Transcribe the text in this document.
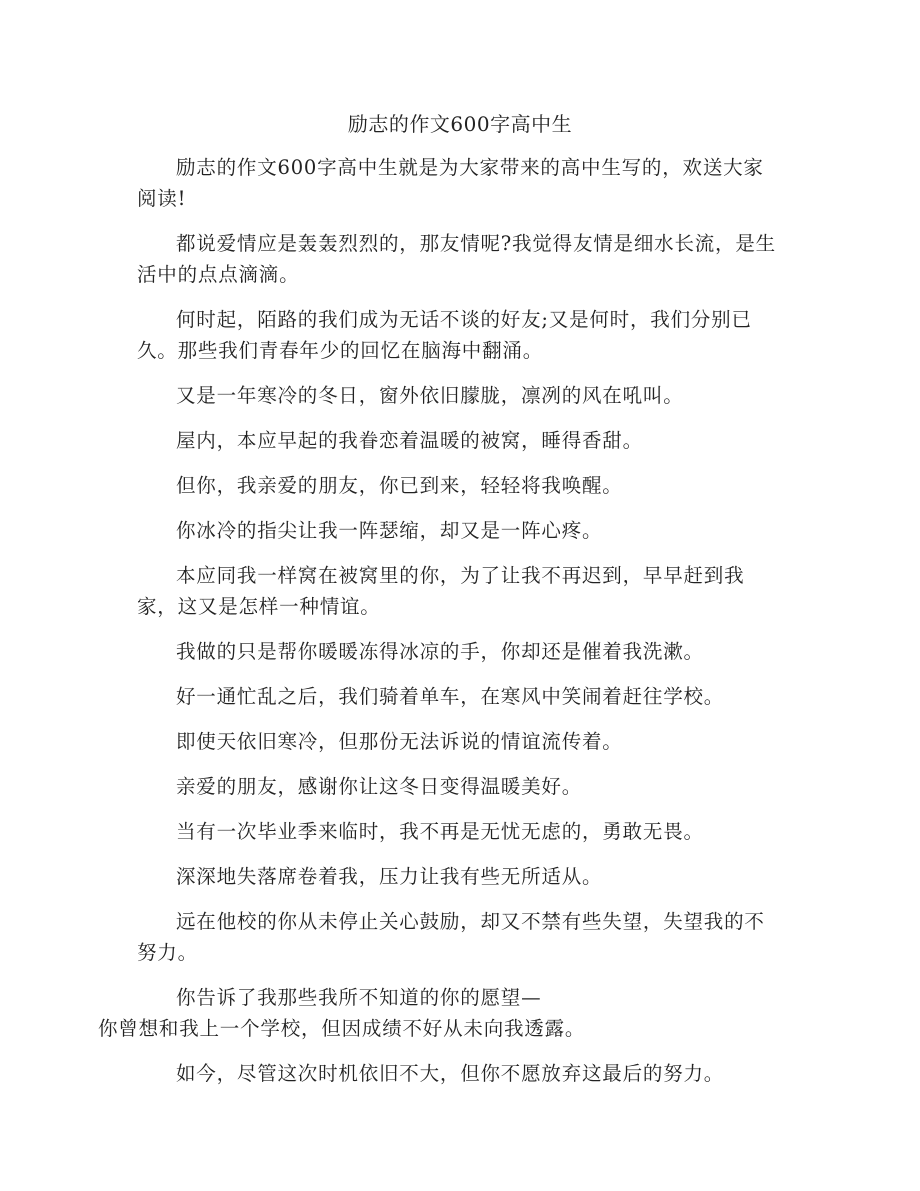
励志的作文600字高中生

励志的作文600字高中生就是为大家带来的高中生写的，欢送大家阅读!

都说爱情应是轰轰烈烈的，那友情呢?我觉得友情是细水长流，是生活中的点点滴滴。

何时起，陌路的我们成为无话不谈的好友;又是何时，我们分别已久。那些我们青春年少的回忆在脑海中翻涌。

又是一年寒冷的冬日，窗外依旧朦胧，凛冽的风在吼叫。

屋内，本应早起的我眷恋着温暖的被窝，睡得香甜。

但你，我亲爱的朋友，你已到来，轻轻将我唤醒。

你冰冷的指尖让我一阵瑟缩，却又是一阵心疼。

本应同我一样窝在被窝里的你，为了让我不再迟到，早早赶到我家，这又是怎样一种情谊。

我做的只是帮你暖暖冻得冰凉的手，你却还是催着我洗漱。

好一通忙乱之后，我们骑着单车，在寒风中笑闹着赶往学校。

即使天依旧寒冷，但那份无法诉说的情谊流传着。

亲爱的朋友，感谢你让这冬日变得温暖美好。

当有一次毕业季来临时，我不再是无忧无虑的，勇敢无畏。

深深地失落席卷着我，压力让我有些无所适从。

远在他校的你从未停止关心鼓励，却又不禁有些失望，失望我的不努力。

你告诉了我那些我所不知道的你的愿望—
你曾想和我上一个学校，但因成绩不好从未向我透露。

如今，尽管这次时机依旧不大，但你不愿放弃这最后的努力。
